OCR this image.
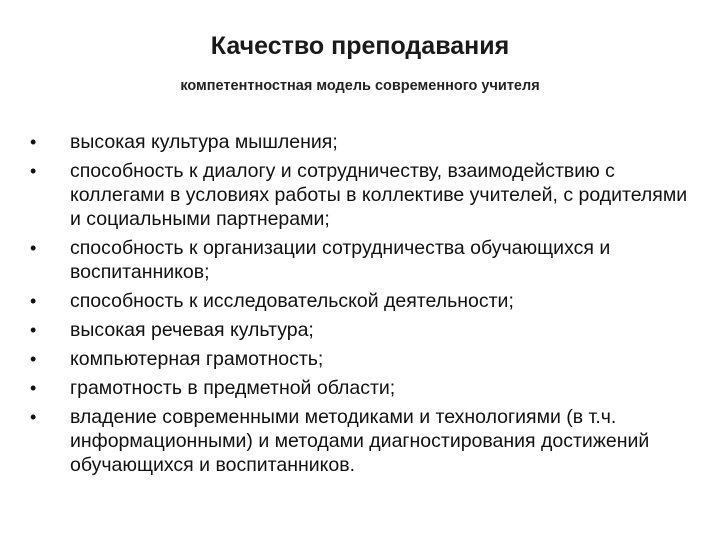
Качество преподавания
компетентностная модель современного учителя
• высокая культура мышления;
• способность к диалогу и сотрудничеству, взаимодействию с коллегами в условиях работы в коллективе учителей, с родителями и социальными партнерами;
• способность к организации сотрудничества обучающихся и воспитанников;
• способность к исследовательской деятельности;
• высокая речевая культура;
• компьютерная грамотность;
• грамотность в предметной области;
• владение современными методиками и технологиями (в т.ч. информационными) и методами диагностирования достижений обучающихся и воспитанников.
